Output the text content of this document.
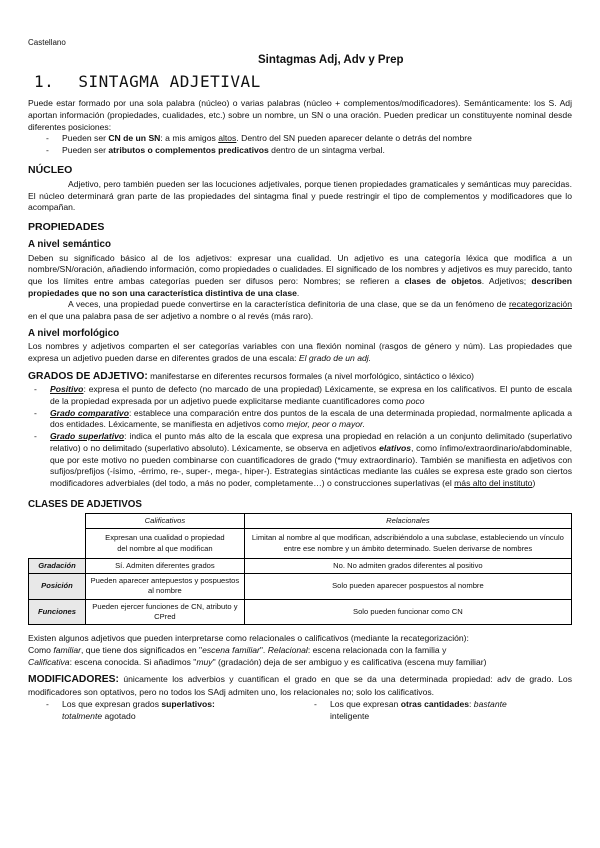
Castellano

Sintagmas Adj, Adv y Prep

1. SINTAGMA ADJETIVAL

Puede estar formado por una sola palabra (núcleo) o varias palabras (núcleo + complementos/modificadores). Semánticamente: los S. Adj aportan información (propiedades, cualidades, etc.) sobre un nombre, un SN o una oración. Pueden predicar un constituyente nominal desde diferentes posiciones:

- Pueden ser CN de un SN: a mis amigos altos. Dentro del SN pueden aparecer delante o detrás del nombre
- Pueden ser atributos o complementos predicativos dentro de un sintagma verbal.
NÚCLEO

Adjetivo, pero también pueden ser las locuciones adjetivales, porque tienen propiedades gramaticales y semánticas muy parecidas. El núcleo determinará gran parte de las propiedades del sintagma final y puede restringir el tipo de complementos y modificadores que lo acompañan.

PROPIEDADES
A nivel semántico

Deben su significado básico al de los adjetivos: expresar una cualidad. Un adjetivo es una categoría léxica que modifica a un nombre/SN/oración, añadiendo información, como propiedades o cualidades. El significado de los nombres y adjetivos es muy parecido, tanto que los límites entre ambas categorías pueden ser difusos pero: Nombres; se refieren a clases de objetos. Adjetivos; describen propiedades que no son una característica distintiva de una clase.

A veces, una propiedad puede convertirse en la característica definitoria de una clase, que se da un fenómeno de recategorización en el que una palabra pasa de ser adjetivo a nombre o al revés (más raro).

A nivel morfológico

Los nombres y adjetivos comparten el ser categorías variables con una flexión nominal (rasgos de género y núm). Las propiedades que expresa un adjetivo pueden darse en diferentes grados de una escala: El grado de un adj.

GRADOS DE ADJETIVO: manifestarse en diferentes recursos formales (a nivel morfológico, sintáctico o léxico)

- Positivo: expresa el punto de defecto (no marcado de una propiedad) Léxicamente, se expresa en los calificativos. El punto de escala de la propiedad expresada por un adjetivo puede explicitarse mediante cuantificadores como poco
- Grado comparativo: establece una comparación entre dos puntos de la escala de una determinada propiedad, normalmente aplicada a dos entidades. Léxicamente, se manifiesta en adjetivos como mejor, peor o mayor.
- Grado superlativo: indica el punto más alto de la escala que expresa una propiedad en relación a un conjunto delimitado (superlativo relativo) o no delimitado (superlativo absoluto). Léxicamente, se observa en adjetivos elativos, como ínfimo/extraordinario/abdominable, que por este motivo no pueden combinarse con cuantificadores de grado (*muy extraordinario). También se manifiesta en adjetivos con sufijos/prefijos (-ísimo, -érrimo, re-, super-, mega-, hiper-). Estrategias sintácticas mediante las cuáles se expresa este grado son ciertos modificadores adverbiales (del todo, a más no poder, completamente…) o construcciones superlativas (el más alto del instituto)
CLASES DE ADJETIVOS
	Calificativos	Relacionales
	Expresan una cualidad o propiedad del nombre al que modifican	Limitan al nombre al que modifican, adscribiéndolo a una subclase, estableciendo un vínculo entre ese nombre y un ámbito determinado. Suelen derivarse de nombres
Gradación	Sí. Admiten diferentes grados	No. No admiten grados diferentes al positivo
Posición	Pueden aparecer antepuestos y pospuestos al nombre	Solo pueden aparecer pospuestos al nombre
Funciones	Pueden ejercer funciones de CN, atributo y CPred	Solo pueden funcionar como CN

Existen algunos adjetivos que pueden interpretarse como relacionales o calificativos (mediante la recategorización):

Como familiar, que tiene dos significados en "escena familiar". Relacional: escena relacionada con la familia y

Calificativa: escena conocida. Si añadimos "muy" (gradación) deja de ser ambiguo y es calificativa (escena muy familiar)

MODIFICADORES: únicamente los adverbios y cuantifican el grado en que se da una determinada propiedad: adv de grado. Los modificadores son optativos, pero no todos los SAdj admiten uno, los relacionales no; solo los calificativos.

- Los que expresan grados superlativos:
totalmente agotado
- Los que expresan otras cantidades: bastante
inteligente
